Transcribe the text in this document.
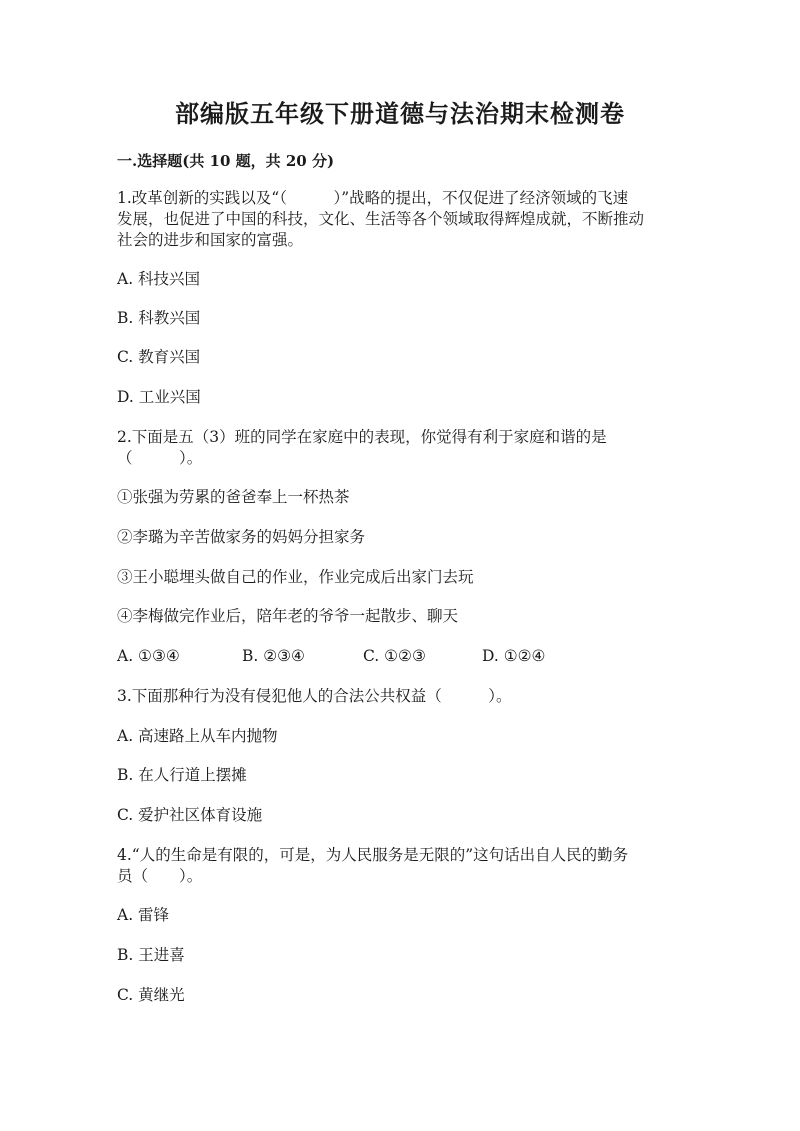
部编版五年级下册道德与法治期末检测卷
一.选择题(共 10 题，共 20 分)
1.改革创新的实践以及“（　　　）”战略的提出，不仅促进了经济领域的飞速
发展，也促进了中国的科技，文化、生活等各个领域取得辉煌成就，不断推动
社会的进步和国家的富强。
A. 科技兴国
B. 科教兴国
C. 教育兴国
D. 工业兴国
2.下面是五（3）班的同学在家庭中的表现，你觉得有利于家庭和谐的是
（　　　）。
①张强为劳累的爸爸奉上一杯热茶
②李璐为辛苦做家务的妈妈分担家务
③王小聪埋头做自己的作业，作业完成后出家门去玩
④李梅做完作业后，陪年老的爷爷一起散步、聊天
A. ①③④	B. ②③④	C. ①②③	D. ①②④
3.下面那种行为没有侵犯他人的合法公共权益（　　　）。
A. 高速路上从车内抛物
B. 在人行道上摆摊
C. 爱护社区体育设施
4.“人的生命是有限的，可是，为人民服务是无限的”这句话出自人民的勤务
员（　　）。
A. 雷锋
B. 王进喜
C. 黄继光
